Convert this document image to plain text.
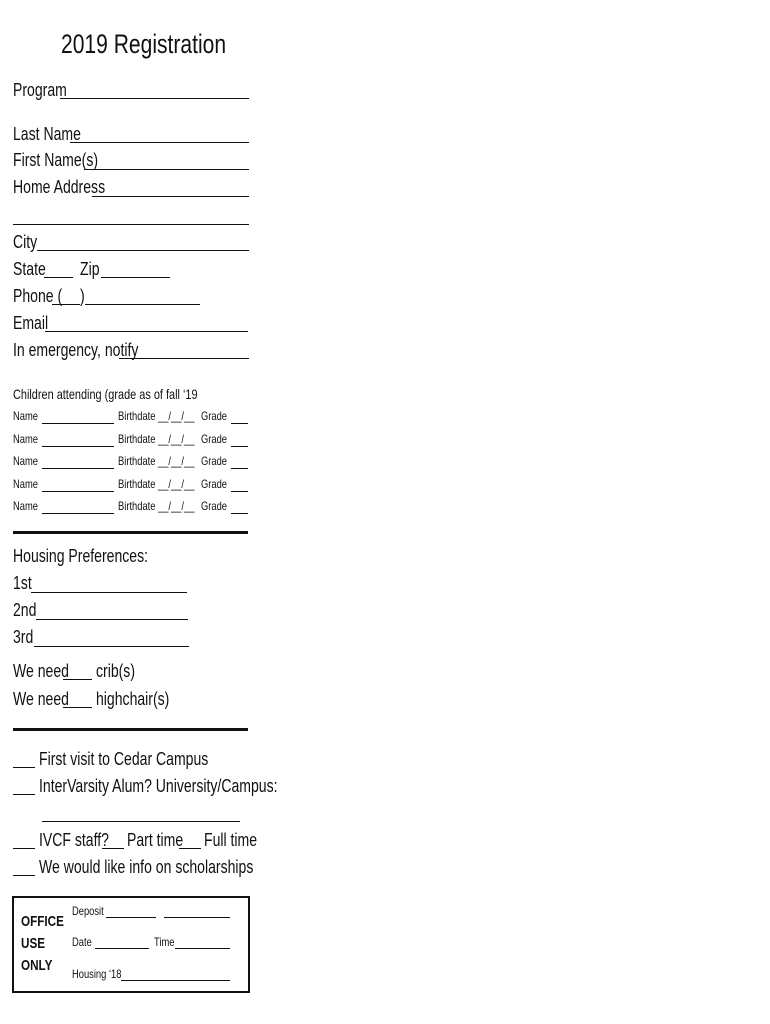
2019 Registration
Program
Last Name
First Name(s)
Home Address
City
State Zip
Phone ( )
Email
In emergency, notify
Children attending (grade as of fall ‘19
Name	Birthdate __/__/__ Grade
Name	Birthdate __/__/__ Grade
Name	Birthdate __/__/__ Grade
Name	Birthdate __/__/__ Grade
Name	Birthdate __/__/__ Grade
Housing Preferences:
1st
2nd
3rd
We need crib(s)
We need highchair(s)
First visit to Cedar Campus
InterVarsity Alum? University/Campus:
IVCF staff? Part time Full time
We would like info on scholarships
OFFICE
USE
ONLY
Deposit
Date	Time
Housing ‘18
